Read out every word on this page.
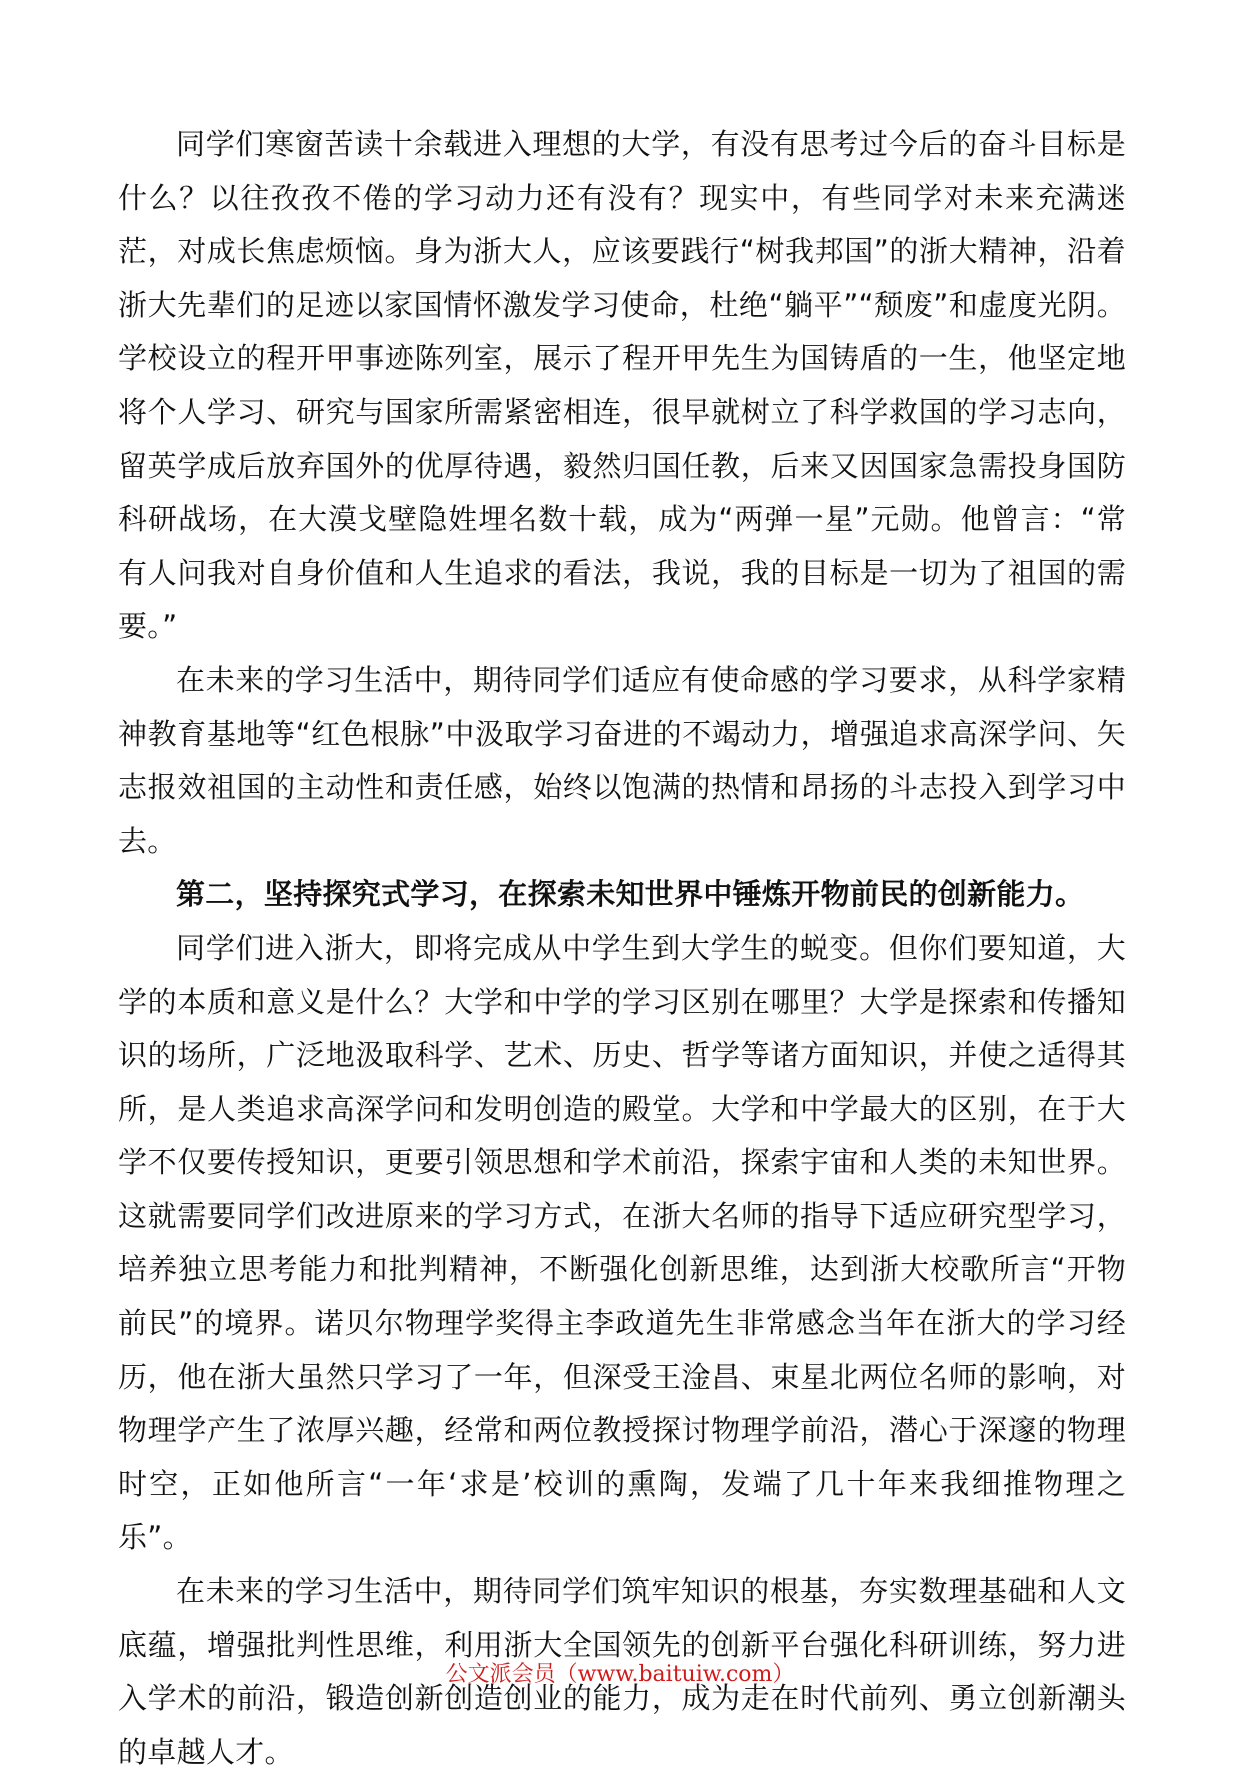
同学们寒窗苦读十余载进入理想的大学，有没有思考过今后的奋斗目标是什么？以往孜孜不倦的学习动力还有没有？现实中，有些同学对未来充满迷茫，对成长焦虑烦恼。身为浙大人，应该要践行“树我邦国”的浙大精神，沿着浙大先辈们的足迹以家国情怀激发学习使命，杜绝“躺平”“颓废”和虚度光阴。学校设立的程开甲事迹陈列室，展示了程开甲先生为国铸盾的一生，他坚定地将个人学习、研究与国家所需紧密相连，很早就树立了科学救国的学习志向，留英学成后放弃国外的优厚待遇，毅然归国任教，后来又因国家急需投身国防科研战场，在大漠戈壁隐姓埋名数十载，成为“两弹一星”元勋。他曾言：“常有人问我对自身价值和人生追求的看法，我说，我的目标是一切为了祖国的需要。”

在未来的学习生活中，期待同学们适应有使命感的学习要求，从科学家精神教育基地等“红色根脉”中汲取学习奋进的不竭动力，增强追求高深学问、矢志报效祖国的主动性和责任感，始终以饱满的热情和昂扬的斗志投入到学习中去。

第二，坚持探究式学习，在探索未知世界中锤炼开物前民的创新能力。

同学们进入浙大，即将完成从中学生到大学生的蜕变。但你们要知道，大学的本质和意义是什么？大学和中学的学习区别在哪里？大学是探索和传播知识的场所，广泛地汲取科学、艺术、历史、哲学等诸方面知识，并使之适得其所，是人类追求高深学问和发明创造的殿堂。大学和中学最大的区别，在于大学不仅要传授知识，更要引领思想和学术前沿，探索宇宙和人类的未知世界。这就需要同学们改进原来的学习方式，在浙大名师的指导下适应研究型学习，培养独立思考能力和批判精神，不断强化创新思维，达到浙大校歌所言“开物前民”的境界。诺贝尔物理学奖得主李政道先生非常感念当年在浙大的学习经历，他在浙大虽然只学习了一年，但深受王淦昌、束星北两位名师的影响，对物理学产生了浓厚兴趣，经常和两位教授探讨物理学前沿，潜心于深邃的物理时空，正如他所言“一年‘求是’校训的熏陶，发端了几十年来我细推物理之乐”。

在未来的学习生活中，期待同学们筑牢知识的根基，夯实数理基础和人文底蕴，增强批判性思维，利用浙大全国领先的创新平台强化科研训练，努力进入学术的前沿，锻造创新创造创业的能力，成为走在时代前列、勇立创新潮头的卓越人才。

公文派会员（www.baituiw.com）
